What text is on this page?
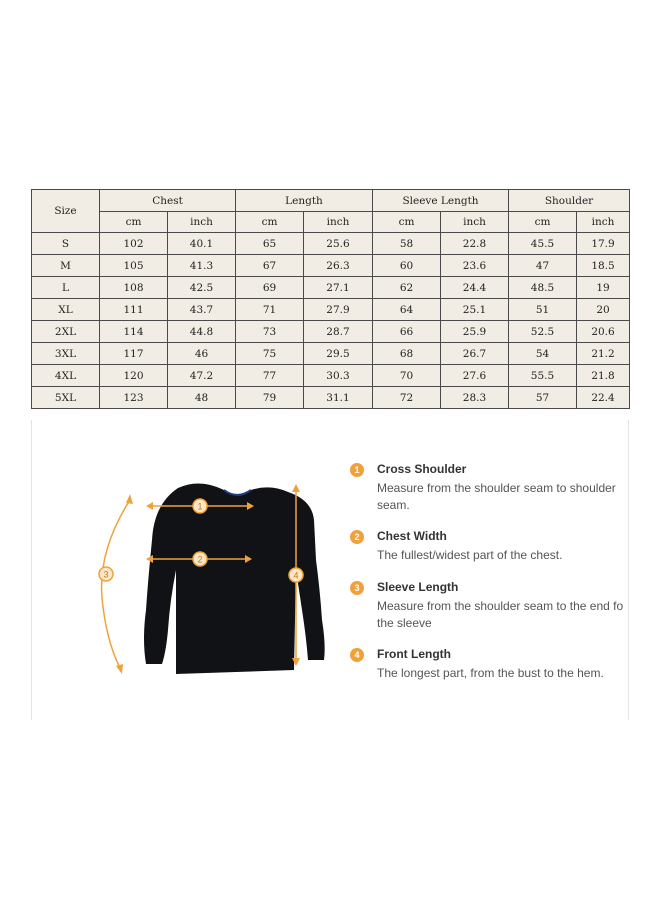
Size	Chest		Length		Sleeve Length		Shoulder	
	cm	inch	cm	inch	cm	inch	cm	inch
S	102	40.1	65	25.6	58	22.8	45.5	17.9
M	105	41.3	67	26.3	60	23.6	47	18.5
L	108	42.5	69	27.1	62	24.4	48.5	19
XL	111	43.7	71	27.9	64	25.1	51	20
2XL	114	44.8	73	28.7	66	25.9	52.5	20.6
3XL	117	46	75	29.5	68	26.7	54	21.2
4XL	120	47.2	77	30.3	70	27.6	55.5	21.8
5XL	123	48	79	31.1	72	28.3	57	22.4
1
2
3	4
1	Cross Shoulder
Measure from the shoulder seam to shoulder seam.
2	Chest Width
The fullest/widest part of the chest.
3	Sleeve Length
Measure from the shoulder seam to the end fo the sleeve
4	Front Length
The longest part, from the bust to the hem.
